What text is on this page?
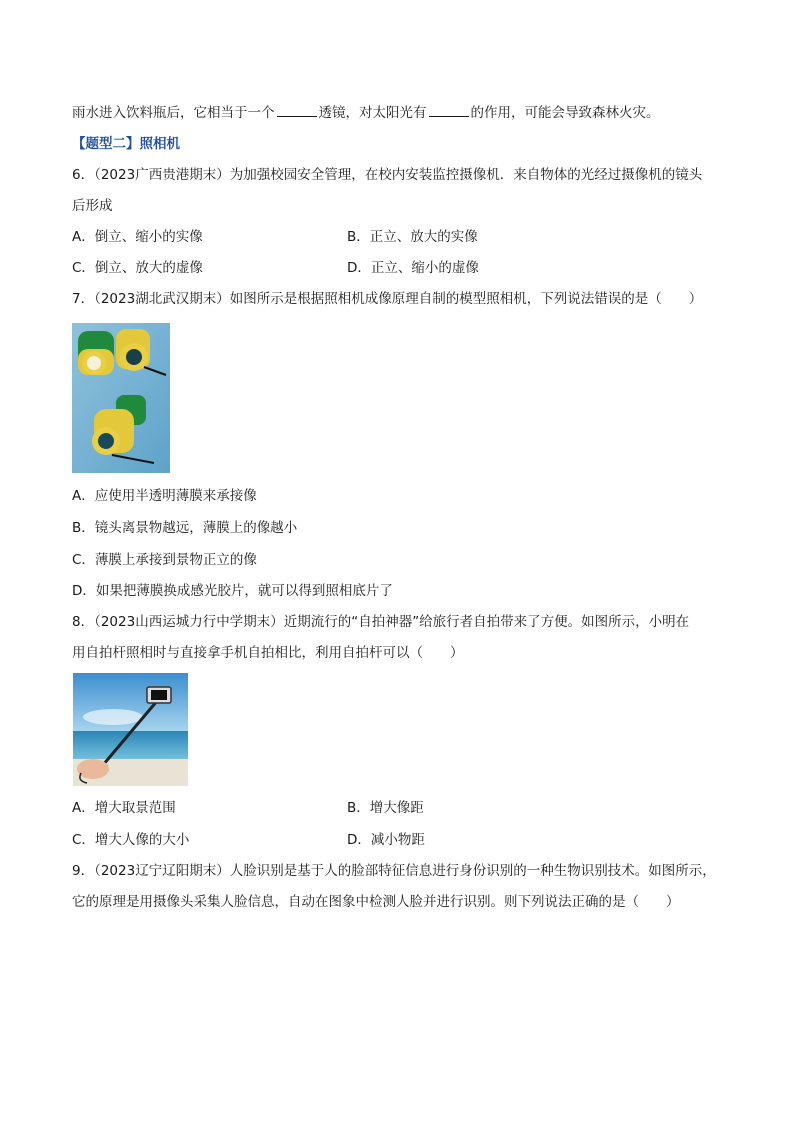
雨水进入饮料瓶后，它相当于一个	透镜，对太阳光有	的作用，可能会导致森林火灾。
【题型二】照相机
6．（2023广西贵港期末）为加强校园安全管理，在校内安装监控摄像机．来自物体的光经过摄像机的镜头
后形成
A．倒立、缩小的实像	B．正立、放大的实像
C．倒立、放大的虚像	D．正立、缩小的虚像
7．（2023湖北武汉期末）如图所示是根据照相机成像原理自制的模型照相机，下列说法错误的是（　　）
A．应使用半透明薄膜来承接像
B．镜头离景物越远，薄膜上的像越小
C．薄膜上承接到景物正立的像
D．如果把薄膜换成感光胶片，就可以得到照相底片了
8．（2023山西运城力行中学期末）近期流行的“自拍神器”给旅行者自拍带来了方便。如图所示，小明在
用自拍杆照相时与直接拿手机自拍相比，利用自拍杆可以（　　）
A．增大取景范围	B．增大像距
C．增大人像的大小	D．减小物距
9．（2023辽宁辽阳期末）人脸识别是基于人的脸部特征信息进行身份识别的一种生物识别技术。如图所示，
它的原理是用摄像头采集人脸信息，自动在图象中检测人脸并进行识别。则下列说法正确的是（　　）
